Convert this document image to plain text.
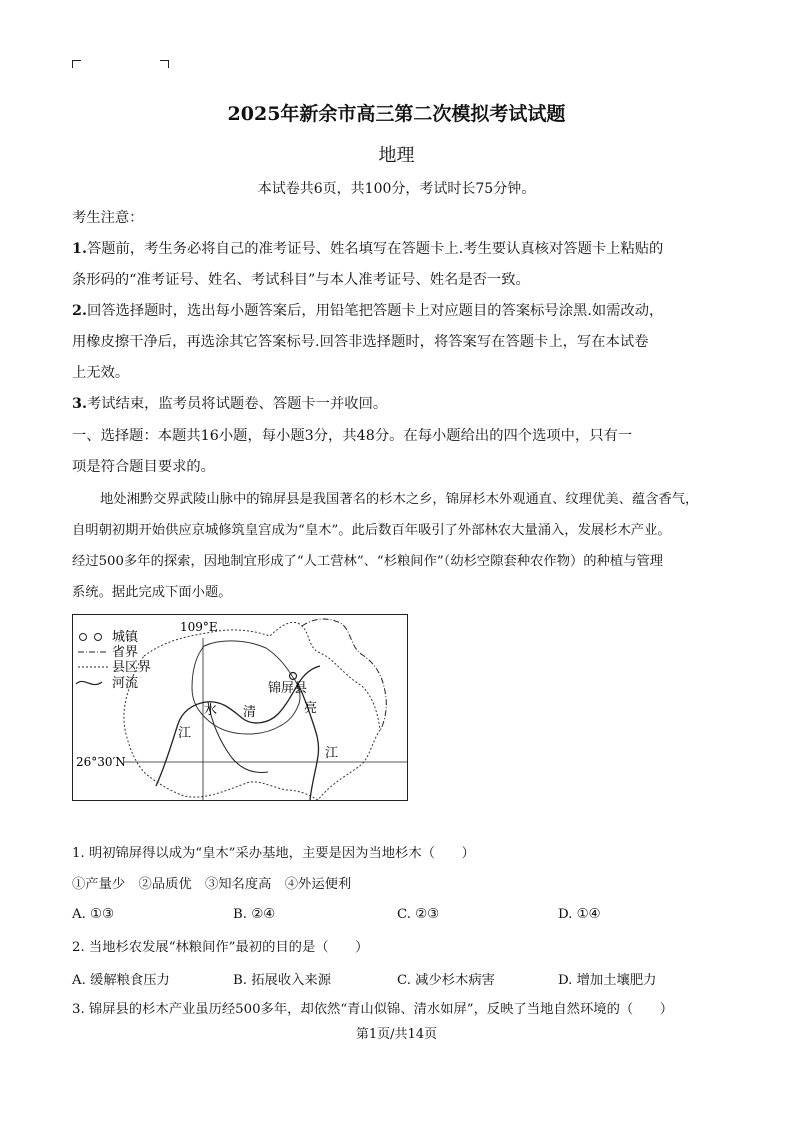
2025年新余市高三第二次模拟考试试题
地理
本试卷共6页，共100分，考试时长75分钟。

考生注意：

1.答题前，考生务必将自己的准考证号、姓名填写在答题卡上.考生要认真核对答题卡上粘贴的

条形码的“准考证号、姓名、考试科目”与本人准考证号、姓名是否一致。

2.回答选择题时，选出每小题答案后，用铅笔把答题卡上对应题目的答案标号涂黑.如需改动，

用橡皮擦干净后，再选涂其它答案标号.回答非选择题时，将答案写在答题卡上，写在本试卷

上无效。

3.考试结束，监考员将试题卷、答题卡一并收回。

一、选择题：本题共16小题，每小题3分，共48分。在每小题给出的四个选项中，只有一

项是符合题目要求的。

地处湘黔交界武陵山脉中的锦屏县是我国著名的杉木之乡，锦屏杉木外观通直、纹理优美、蕴含香气，

自明朝初期开始供应京城修筑皇宫成为“皇木”。此后数百年吸引了外部林农大量涌入，发展杉木产业。

经过500多年的探索，因地制宜形成了“人工营林”、“杉粮间作”（幼杉空隙套种农作物）的种植与管理

系统。据此完成下面小题。

城镇
省界
县区界
河流
109°E
26°30′N
锦屏县
水 清
江
亮
江

1. 明初锦屏得以成为“皇木”采办基地，主要是因为当地杉木（　　）

①产量少　②品质优　③知名度高　④外运便利

A. ①③	B. ②④	C. ②③	D. ①④

2. 当地杉农发展“林粮间作”最初的目的是（　　）

A. 缓解粮食压力	B. 拓展收入来源	C. 减少杉木病害	D. 增加土壤肥力

3. 锦屏县的杉木产业虽历经500多年，却依然“青山似锦、清水如屏”，反映了当地自然环境的（　　）

第1页/共14页
